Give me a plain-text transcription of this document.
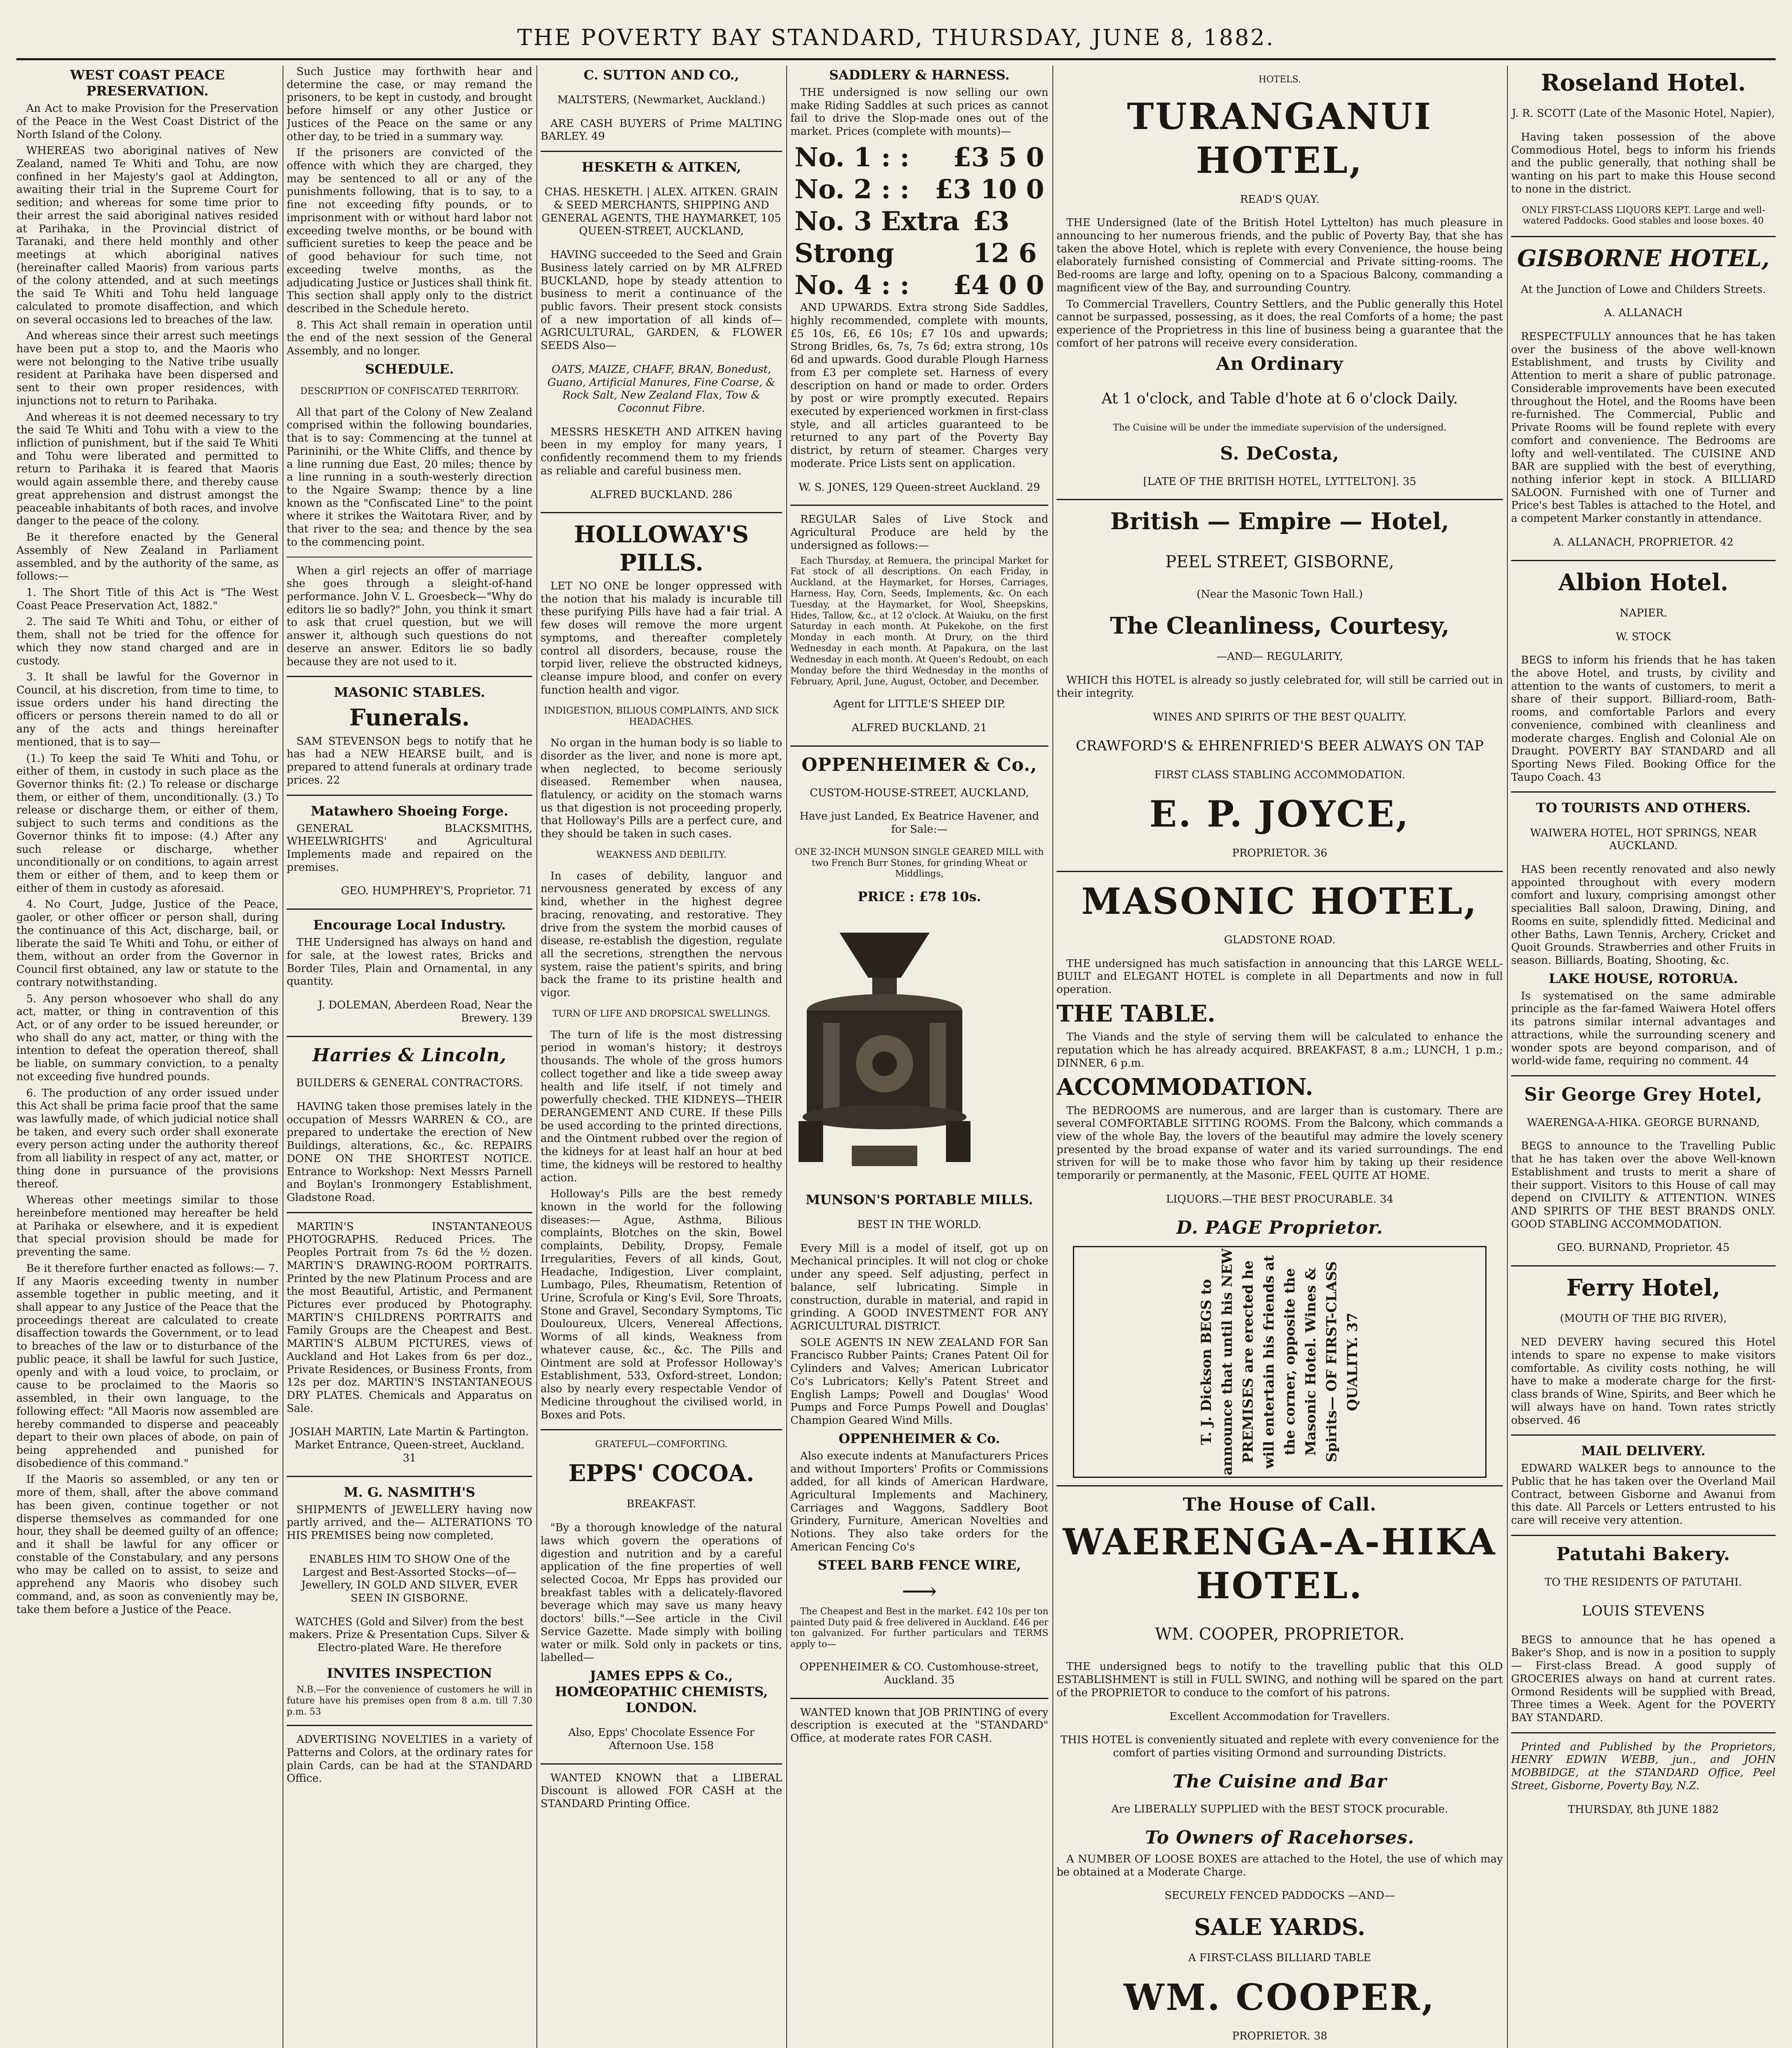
THE POVERTY BAY STANDARD, THURSDAY, JUNE 8, 1882.
WEST COAST PEACE PRESERVATION.

An Act to make Provision for the Preservation of the Peace in the West Coast District of the North Island of the Colony.

WHEREAS two aboriginal natives of New Zealand, named Te Whiti and Tohu, are now confined in her Majesty's gaol at Addington, awaiting their trial in the Supreme Court for sedition; and whereas for some time prior to their arrest the said aboriginal natives resided at Parihaka, in the Provincial district of Taranaki, and there held monthly and other meetings at which aboriginal natives (hereinafter called Maoris) from various parts of the colony attended, and at such meetings the said Te Whiti and Tohu held language calculated to promote disaffection, and which on several occasions led to breaches of the law.

And whereas since their arrest such meetings have been put a stop to, and the Maoris who were not belonging to the Native tribe usually resident at Parihaka have been dispersed and sent to their own proper residences, with injunctions not to return to Parihaka.

And whereas it is not deemed necessary to try the said Te Whiti and Tohu with a view to the infliction of punishment, but if the said Te Whiti and Tohu were liberated and permitted to return to Parihaka it is feared that Maoris would again assemble there, and thereby cause great apprehension and distrust amongst the peaceable inhabitants of both races, and involve danger to the peace of the colony.

Be it therefore enacted by the General Assembly of New Zealand in Parliament assembled, and by the authority of the same, as follows:—

1. The Short Title of this Act is "The West Coast Peace Preservation Act, 1882."

2. The said Te Whiti and Tohu, or either of them, shall not be tried for the offence for which they now stand charged and are in custody.

3. It shall be lawful for the Governor in Council, at his discretion, from time to time, to issue orders under his hand directing the officers or persons therein named to do all or any of the acts and things hereinafter mentioned, that is to say—

(1.) To keep the said Te Whiti and Tohu, or either of them, in custody in such place as the Governor thinks fit: (2.) To release or discharge them, or either of them, unconditionally. (3.) To release or discharge them, or either of them, subject to such terms and conditions as the Governor thinks fit to impose: (4.) After any such release or discharge, whether unconditionally or on conditions, to again arrest them or either of them, and to keep them or either of them in custody as aforesaid.

4. No Court, Judge, Justice of the Peace, gaoler, or other officer or person shall, during the continuance of this Act, discharge, bail, or liberate the said Te Whiti and Tohu, or either of them, without an order from the Governor in Council first obtained, any law or statute to the contrary notwithstanding.

5. Any person whosoever who shall do any act, matter, or thing in contravention of this Act, or of any order to be issued hereunder, or who shall do any act, matter, or thing with the intention to defeat the operation thereof, shall be liable, on summary conviction, to a penalty not exceeding five hundred pounds.

6. The production of any order issued under this Act shall be prima facie proof that the same was lawfully made, of which judicial notice shall be taken, and every such order shall exonerate every person acting under the authority thereof from all liability in respect of any act, matter, or thing done in pursuance of the provisions thereof.

Whereas other meetings similar to those hereinbefore mentioned may hereafter be held at Parihaka or elsewhere, and it is expedient that special provision should be made for preventing the same.

Be it therefore further enacted as follows:— 7. If any Maoris exceeding twenty in number assemble together in public meeting, and it shall appear to any Justice of the Peace that the proceedings thereat are calculated to create disaffection towards the Government, or to lead to breaches of the law or to disturbance of the public peace, it shall be lawful for such Justice, openly and with a loud voice, to proclaim, or cause to be proclaimed to the Maoris so assembled, in their own language, to the following effect: "All Maoris now assembled are hereby commanded to disperse and peaceably depart to their own places of abode, on pain of being apprehended and punished for disobedience of this command."

If the Maoris so assembled, or any ten or more of them, shall, after the above command has been given, continue together or not disperse themselves as commanded for one hour, they shall be deemed guilty of an offence; and it shall be lawful for any officer or constable of the Constabulary, and any persons who may be called on to assist, to seize and apprehend any Maoris who disobey such command, and, as soon as conveniently may be, take them before a Justice of the Peace.

Such Justice may forthwith hear and determine the case, or may remand the prisoners, to be kept in custody, and brought before himself or any other Justice or Justices of the Peace on the same or any other day, to be tried in a summary way.

If the prisoners are convicted of the offence with which they are charged, they may be sentenced to all or any of the punishments following, that is to say, to a fine not exceeding fifty pounds, or to imprisonment with or without hard labor not exceeding twelve months, or be bound with sufficient sureties to keep the peace and be of good behaviour for such time, not exceeding twelve months, as the adjudicating Justice or Justices shall think fit. This section shall apply only to the district described in the Schedule hereto.

8. This Act shall remain in operation until the end of the next session of the General Assembly, and no longer.

SCHEDULE.

DESCRIPTION OF CONFISCATED TERRITORY.

All that part of the Colony of New Zealand comprised within the following boundaries, that is to say: Commencing at the tunnel at Parininihi, or the White Cliffs, and thence by a line running due East, 20 miles; thence by a line running in a south-westerly direction to the Ngaire Swamp; thence by a line known as the "Confiscated Line" to the point where it strikes the Waitotara River, and by that river to the sea; and thence by the sea to the commencing point.

When a girl rejects an offer of marriage she goes through a sleight-of-hand performance. John V. L. Groesbeck—"Why do editors lie so badly?" John, you think it smart to ask that cruel question, but we will answer it, although such questions do not deserve an answer. Editors lie so badly because they are not used to it.

MASONIC STABLES.
Funerals.

SAM STEVENSON begs to notify that he has had a NEW HEARSE built, and is prepared to attend funerals at ordinary trade prices. 22

Matawhero Shoeing Forge.

GENERAL BLACKSMITHS, WHEELWRIGHTS' and Agricultural Implements made and repaired on the premises.

GEO. HUMPHREY'S, Proprietor. 71

Encourage Local Industry.

THE Undersigned has always on hand and for sale, at the lowest rates, Bricks and Border Tiles, Plain and Ornamental, in any quantity.

J. DOLEMAN, Aberdeen Road, Near the Brewery. 139

Harries & Lincoln,

BUILDERS & GENERAL CONTRACTORS.

HAVING taken those premises lately in the occupation of Messrs WARREN & CO., are prepared to undertake the erection of New Buildings, alterations, &c., &c. REPAIRS DONE ON THE SHORTEST NOTICE. Entrance to Workshop: Next Messrs Parnell and Boylan's Ironmongery Establishment, Gladstone Road.

MARTIN'S INSTANTANEOUS PHOTOGRAPHS. Reduced Prices. The Peoples Portrait from 7s 6d the ½ dozen. MARTIN'S DRAWING-ROOM PORTRAITS. Printed by the new Platinum Process and are the most Beautiful, Artistic, and Permanent Pictures ever produced by Photography. MARTIN'S CHILDRENS PORTRAITS and Family Groups are the Cheapest and Best. MARTIN'S ALBUM PICTURES, views of Auckland and Hot Lakes from 6s per doz., Private Residences, or Business Fronts, from 12s per doz. MARTIN'S INSTANTANEOUS DRY PLATES. Chemicals and Apparatus on Sale.

JOSIAH MARTIN, Late Martin & Partington. Market Entrance, Queen-street, Auckland. 31

M. G. NASMITH'S

SHIPMENTS of JEWELLERY having now partly arrived, and the— ALTERATIONS TO HIS PREMISES being now completed,

ENABLES HIM TO SHOW One of the Largest and Best-Assorted Stocks—of—Jewellery, IN GOLD AND SILVER, EVER SEEN IN GISBORNE.

WATCHES (Gold and Silver) from the best makers. Prize & Presentation Cups. Silver & Electro-plated Ware. He therefore

INVITES INSPECTION

N.B.—For the convenience of customers he will in future have his premises open from 8 a.m. till 7.30 p.m. 53

ADVERTISING NOVELTIES in a variety of Patterns and Colors, at the ordinary rates for plain Cards, can be had at the STANDARD Office.

C. SUTTON AND CO.,

MALTSTERS, (Newmarket, Auckland.)

ARE CASH BUYERS of Prime MALTING BARLEY. 49

HESKETH & AITKEN,

CHAS. HESKETH. | ALEX. AITKEN. GRAIN & SEED MERCHANTS, SHIPPING AND GENERAL AGENTS, THE HAYMARKET, 105 QUEEN-STREET, AUCKLAND,

HAVING succeeded to the Seed and Grain Business lately carried on by MR ALFRED BUCKLAND, hope by steady attention to business to merit a continuance of the public favors. Their present stock consists of a new importation of all kinds of— AGRICULTURAL, GARDEN, & FLOWER SEEDS Also—

OATS, MAIZE, CHAFF, BRAN, Bonedust, Guano, Artificial Manures, Fine Coarse, & Rock Salt, New Zealand Flax, Tow & Coconnut Fibre.

MESSRS HESKETH AND AITKEN having been in my employ for many years, I confidently recommend them to my friends as reliable and careful business men.

ALFRED BUCKLAND. 286

HOLLOWAY'S PILLS.

LET NO ONE be longer oppressed with the notion that his malady is incurable till these purifying Pills have had a fair trial. A few doses will remove the more urgent symptoms, and thereafter completely control all disorders, because, rouse the torpid liver, relieve the obstructed kidneys, cleanse impure blood, and confer on every function health and vigor.

INDIGESTION, BILIOUS COMPLAINTS, AND SICK HEADACHES.

No organ in the human body is so liable to disorder as the liver, and none is more apt, when neglected, to become seriously diseased. Remember when nausea, flatulency, or acidity on the stomach warns us that digestion is not proceeding properly, that Holloway's Pills are a perfect cure, and they should be taken in such cases.

WEAKNESS AND DEBILITY.

In cases of debility, languor and nervousness generated by excess of any kind, whether in the highest degree bracing, renovating, and restorative. They drive from the system the morbid causes of disease, re-establish the digestion, regulate all the secretions, strengthen the nervous system, raise the patient's spirits, and bring back the frame to its pristine health and vigor.

TURN OF LIFE AND DROPSICAL SWELLINGS.

The turn of life is the most distressing period in woman's history; it destroys thousands. The whole of the gross humors collect together and like a tide sweep away health and life itself, if not timely and powerfully checked. THE KIDNEYS—THEIR DERANGEMENT AND CURE. If these Pills be used according to the printed directions, and the Ointment rubbed over the region of the kidneys for at least half an hour at bed time, the kidneys will be restored to healthy action.

Holloway's Pills are the best remedy known in the world for the following diseases:— Ague, Asthma, Bilious complaints, Blotches on the skin, Bowel complaints, Debility, Dropsy, Female Irregularities, Fevers of all kinds, Gout, Headache, Indigestion, Liver complaint, Lumbago, Piles, Rheumatism, Retention of Urine, Scrofula or King's Evil, Sore Throats, Stone and Gravel, Secondary Symptoms, Tic Douloureux, Ulcers, Venereal Affections, Worms of all kinds, Weakness from whatever cause, &c., &c. The Pills and Ointment are sold at Professor Holloway's Establishment, 533, Oxford-street, London; also by nearly every respectable Vendor of Medicine throughout the civilised world, in Boxes and Pots.

GRATEFUL—COMFORTING.

EPPS' COCOA.

BREAKFAST.

"By a thorough knowledge of the natural laws which govern the operations of digestion and nutrition and by a careful application of the fine properties of well selected Cocoa, Mr Epps has provided our breakfast tables with a delicately-flavored beverage which may save us many heavy doctors' bills."—See article in the Civil Service Gazette. Made simply with boiling water or milk. Sold only in packets or tins, labelled—

JAMES EPPS & Co., HOMŒOPATHIC CHEMISTS, LONDON.

Also, Epps' Chocolate Essence For Afternoon Use. 158

WANTED KNOWN that a LIBERAL Discount is allowed FOR CASH at the STANDARD Printing Office.

SADDLERY & HARNESS.

THE undersigned is now selling our own make Riding Saddles at such prices as cannot fail to drive the Slop-made ones out of the market. Prices (complete with mounts)—

No. 1 : : £3 5 0
No. 2 : : £3 10 0
No. 3 Extra Strong
£3 12 6
No. 4 : : £4 0 0

AND UPWARDS. Extra strong Side Saddles, highly recommended, complete with mounts, £5 10s, £6, £6 10s; £7 10s and upwards; Strong Bridles, 6s, 7s, 7s 6d; extra strong, 10s 6d and upwards. Good durable Plough Harness from £3 per complete set. Harness of every description on hand or made to order. Orders by post or wire promptly executed. Repairs executed by experienced workmen in first-class style, and all articles guaranteed to be returned to any part of the Poverty Bay district, by return of steamer. Charges very moderate. Price Lists sent on application.

W. S. JONES, 129 Queen-street Auckland. 29

REGULAR Sales of Live Stock and Agricultural Produce are held by the undersigned as follows:—

Each Thursday, at Remuera, the principal Market for Fat stock of all descriptions. On each Friday, in Auckland, at the Haymarket, for Horses, Carriages, Harness, Hay, Corn, Seeds, Implements, &c. On each Tuesday, at the Haymarket, for Wool, Sheepskins, Hides, Tallow, &c., at 12 o'clock. At Waiuku, on the first Saturday in each month. At Pukekohe, on the first Monday in each month. At Drury, on the third Wednesday in each month. At Papakura, on the last Wednesday in each month. At Queen's Redoubt, on each Monday before the third Wednesday in the months of February, April, June, August, October, and December.

Agent for LITTLE'S SHEEP DIP.

ALFRED BUCKLAND. 21

OPPENHEIMER & Co.,

CUSTOM-HOUSE-STREET, AUCKLAND,

Have just Landed, Ex Beatrice Havener, and for Sale:—

ONE 32-INCH MUNSON SINGLE GEARED MILL with two French Burr Stones, for grinding Wheat or Middlings,

PRICE : £78 10s.
MUNSON'S PORTABLE MILLS.

BEST IN THE WORLD.

Every Mill is a model of itself, got up on Mechanical principles. It will not clog or choke under any speed. Self adjusting, perfect in balance, self lubricating. Simple in construction, durable in material, and rapid in grinding. A GOOD INVESTMENT FOR ANY AGRICULTURAL DISTRICT.

SOLE AGENTS IN NEW ZEALAND FOR San Francisco Rubber Paints; Cranes Patent Oil for Cylinders and Valves; American Lubricator Co's Lubricators; Kelly's Patent Street and English Lamps; Powell and Douglas' Wood Pumps and Force Pumps Powell and Douglas' Champion Geared Wind Mills.

OPPENHEIMER & Co.

Also execute indents at Manufacturers Prices and without Importers' Profits or Commissions added, for all kinds of American Hardware, Agricultural Implements and Machinery, Carriages and Waggons, Saddlery Boot Grindery, Furniture, American Novelties and Notions. They also take orders for the American Fencing Co's

STEEL BARB FENCE WIRE,
⟶

The Cheapest and Best in the market. £42 10s per ton painted Duty paid & free delivered in Auckland. £46 per ton galvanized. For further particulars and TERMS apply to—

OPPENHEIMER & CO. Customhouse-street, Auckland. 35

WANTED known that JOB PRINTING of every description is executed at the "STANDARD" Office, at moderate rates FOR CASH.

HOTELS.

TURANGANUI HOTEL,

READ'S QUAY.

THE Undersigned (late of the British Hotel Lyttelton) has much pleasure in announcing to her numerous friends, and the public of Poverty Bay, that she has taken the above Hotel, which is replete with every Convenience, the house being elaborately furnished consisting of Commercial and Private sitting-rooms. The Bed-rooms are large and lofty, opening on to a Spacious Balcony, commanding a magnificent view of the Bay, and surrounding Country.

To Commercial Travellers, Country Settlers, and the Public generally this Hotel cannot be surpassed, possessing, as it does, the real Comforts of a home; the past experience of the Proprietress in this line of business being a guarantee that the comfort of her patrons will receive every consideration.

An Ordinary

At 1 o'clock, and Table d'hote at 6 o'clock Daily.

The Cuisine will be under the immediate supervision of the undersigned.

S. DeCosta,

[LATE OF THE BRITISH HOTEL, LYTTELTON]. 35

British — Empire — Hotel,

PEEL STREET, GISBORNE,

(Near the Masonic Town Hall.)

The Cleanliness, Courtesy,

—AND— REGULARITY,

WHICH this HOTEL is already so justly celebrated for, will still be carried out in their integrity.

WINES AND SPIRITS OF THE BEST QUALITY.

CRAWFORD'S & EHRENFRIED'S BEER ALWAYS ON TAP

FIRST CLASS STABLING ACCOMMODATION.

E. P. JOYCE,

PROPRIETOR. 36

MASONIC HOTEL,

GLADSTONE ROAD.

THE undersigned has much satisfaction in announcing that this LARGE WELL-BUILT and ELEGANT HOTEL is complete in all Departments and now in full operation.

THE TABLE.

The Viands and the style of serving them will be calculated to enhance the reputation which he has already acquired. BREAKFAST, 8 a.m.; LUNCH, 1 p.m.; DINNER, 6 p.m.

ACCOMMODATION.

The BEDROOMS are numerous, and are larger than is customary. There are several COMFORTABLE SITTING ROOMS. From the Balcony, which commands a view of the whole Bay, the lovers of the beautiful may admire the lovely scenery presented by the broad expanse of water and its varied surroundings. The end striven for will be to make those who favor him by taking up their residence temporarily or permanently, at the Masonic, FEEL QUITE AT HOME.

LIQUORS.—THE BEST PROCURABLE. 34

D. PAGE Proprietor.
T. J. Dickson BEGS to announce that until his NEW PREMISES are erected he will entertain his friends at the corner, opposite the Masonic Hotel. Wines & Spirits— OF FIRST-CLASS QUALITY. 37
The House of Call.
WAERENGA-A-HIKA HOTEL.

WM. COOPER, PROPRIETOR.

THE undersigned begs to notify to the travelling public that this OLD ESTABLISHMENT is still in FULL SWING, and nothing will be spared on the part of the PROPRIETOR to conduce to the comfort of his patrons.

Excellent Accommodation for Travellers.

THIS HOTEL is conveniently situated and replete with every convenience for the comfort of parties visiting Ormond and surrounding Districts.

The Cuisine and Bar

Are LIBERALLY SUPPLIED with the BEST STOCK procurable.

To Owners of Racehorses.

A NUMBER OF LOOSE BOXES are attached to the Hotel, the use of which may be obtained at a Moderate Charge.

SECURELY FENCED PADDOCKS —AND—

SALE YARDS.

A FIRST-CLASS BILLIARD TABLE

WM. COOPER,

PROPRIETOR. 38

Roseland Hotel.

J. R. SCOTT (Late of the Masonic Hotel, Napier),

Having taken possession of the above Commodious Hotel, begs to inform his friends and the public generally, that nothing shall be wanting on his part to make this House second to none in the district.

ONLY FIRST-CLASS LIQUORS KEPT. Large and well-watered Paddocks. Good stables and loose boxes. 40

GISBORNE HOTEL,

At the Junction of Lowe and Childers Streets.

A. ALLANACH

RESPECTFULLY announces that he has taken over the business of the above well-known Establishment, and trusts by Civility and Attention to merit a share of public patronage. Considerable improvements have been executed throughout the Hotel, and the Rooms have been re-furnished. The Commercial, Public and Private Rooms will be found replete with every comfort and convenience. The Bedrooms are lofty and well-ventilated. The CUISINE AND BAR are supplied with the best of everything, nothing inferior kept in stock. A BILLIARD SALOON. Furnished with one of Turner and Price's best Tables is attached to the Hotel, and a competent Marker constantly in attendance.

A. ALLANACH, PROPRIETOR. 42

Albion Hotel.

NAPIER.

W. STOCK

BEGS to inform his friends that he has taken the above Hotel, and trusts, by civility and attention to the wants of customers, to merit a share of their support. Billiard-room, Bath-rooms, and comfortable Parlors and every convenience, combined with cleanliness and moderate charges. English and Colonial Ale on Draught. POVERTY BAY STANDARD and all Sporting News Filed. Booking Office for the Taupo Coach. 43

TO TOURISTS AND OTHERS.

WAIWERA HOTEL, HOT SPRINGS, NEAR AUCKLAND.

HAS been recently renovated and also newly appointed throughout with every modern comfort and luxury, comprising amongst other specialities Ball saloon, Drawing, Dining, and Rooms en suite, splendidly fitted. Medicinal and other Baths, Lawn Tennis, Archery, Cricket and Quoit Grounds. Strawberries and other Fruits in season. Billiards, Boating, Shooting, &c.

LAKE HOUSE, ROTORUA.

Is systematised on the same admirable principle as the far-famed Waiwera Hotel offers its patrons similar internal advantages and attractions, while the surrounding scenery and wonder spots are beyond comparison, and of world-wide fame, requiring no comment. 44

Sir George Grey Hotel,

WAERENGA-A-HIKA. GEORGE BURNAND,

BEGS to announce to the Travelling Public that he has taken over the above Well-known Establishment and trusts to merit a share of their support. Visitors to this House of call may depend on CIVILITY & ATTENTION. WINES AND SPIRITS OF THE BEST BRANDS ONLY. GOOD STABLING ACCOMMODATION.

GEO. BURNAND, Proprietor. 45

Ferry Hotel,

(MOUTH OF THE BIG RIVER),

NED DEVERY having secured this Hotel intends to spare no expense to make visitors comfortable. As civility costs nothing, he will have to make a moderate charge for the first-class brands of Wine, Spirits, and Beer which he will always have on hand. Town rates strictly observed. 46

MAIL DELIVERY.

EDWARD WALKER begs to announce to the Public that he has taken over the Overland Mail Contract, between Gisborne and Awanui from this date. All Parcels or Letters entrusted to his care will receive very attention.

Patutahi Bakery.

TO THE RESIDENTS OF PATUTAHI.

LOUIS STEVENS

BEGS to announce that he has opened a Baker's Shop, and is now in a position to supply— First-class Bread. A good supply of GROCERIES always on hand at current rates. Ormond Residents will be supplied with Bread, Three times a Week. Agent for the POVERTY BAY STANDARD.

Printed and Published by the Proprietors, HENRY EDWIN WEBB, jun., and JOHN MOBBIDGE, at the STANDARD Office, Peel Street, Gisborne, Poverty Bay, N.Z.

THURSDAY, 8th JUNE 1882
